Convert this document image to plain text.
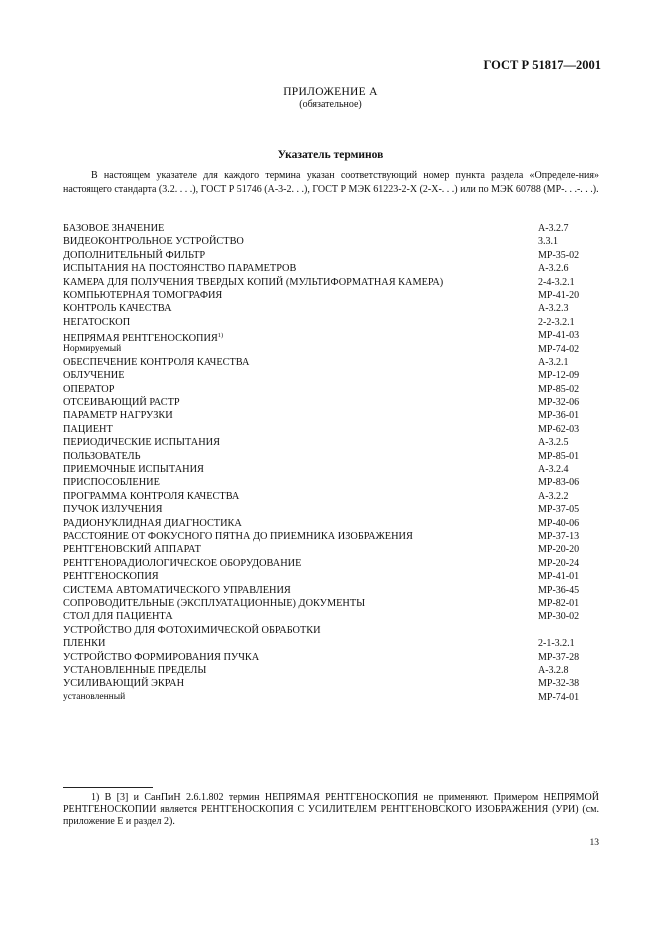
ГОСТ Р 51817—2001
ПРИЛОЖЕНИЕ А
(обязательное)
Указатель терминов
В настоящем указателе для каждого термина указан соответствующий номер пункта раздела «Определе-ния» настоящего стандарта (3.2. . . .), ГОСТ Р 51746 (А-3-2. . .), ГОСТ Р МЭК 61223-2-Х (2-Х-. . .) или по МЭК 60788 (МР-. . .-. . .).
БАЗОВОЕ ЗНАЧЕНИЕ	А-3.2.7
ВИДЕОКОНТРОЛЬНОЕ УСТРОЙСТВО	3.3.1
ДОПОЛНИТЕЛЬНЫЙ ФИЛЬТР	МР-35-02
ИСПЫТАНИЯ НА ПОСТОЯНСТВО ПАРАМЕТРОВ	А-3.2.6
КАМЕРА ДЛЯ ПОЛУЧЕНИЯ ТВЕРДЫХ КОПИЙ (МУЛЬТИФОРМАТНАЯ КАМЕРА)	2-4-3.2.1
КОМПЬЮТЕРНАЯ ТОМОГРАФИЯ	МР-41-20
КОНТРОЛЬ КАЧЕСТВА	А-3.2.3
НЕГАТОСКОП	2-2-3.2.1
НЕПРЯМАЯ РЕНТГЕНОСКОПИЯ$^{1)}$	МР-41-03
Нормируемый	МР-74-02
ОБЕСПЕЧЕНИЕ КОНТРОЛЯ КАЧЕСТВА	А-3.2.1
ОБЛУЧЕНИЕ	МР-12-09
ОПЕРАТОР	МР-85-02
ОТСЕИВАЮЩИЙ РАСТР	МР-32-06
ПАРАМЕТР НАГРУЗКИ	МР-36-01
ПАЦИЕНТ	МР-62-03
ПЕРИОДИЧЕСКИЕ ИСПЫТАНИЯ	А-3.2.5
ПОЛЬЗОВАТЕЛЬ	МР-85-01
ПРИЕМОЧНЫЕ ИСПЫТАНИЯ	А-3.2.4
ПРИСПОСОБЛЕНИЕ	МР-83-06
ПРОГРАММА КОНТРОЛЯ КАЧЕСТВА	А-3.2.2
ПУЧОК ИЗЛУЧЕНИЯ	МР-37-05
РАДИОНУКЛИДНАЯ ДИАГНОСТИКА	МР-40-06
РАССТОЯНИЕ ОТ ФОКУСНОГО ПЯТНА ДО ПРИЕМНИКА ИЗОБРАЖЕНИЯ	МР-37-13
РЕНТГЕНОВСКИЙ АППАРАТ	МР-20-20
РЕНТГЕНОРАДИОЛОГИЧЕСКОЕ ОБОРУДОВАНИЕ	МР-20-24
РЕНТГЕНОСКОПИЯ	МР-41-01
СИСТЕМА АВТОМАТИЧЕСКОГО УПРАВЛЕНИЯ	МР-36-45
СОПРОВОДИТЕЛЬНЫЕ (ЭКСПЛУАТАЦИОННЫЕ) ДОКУМЕНТЫ	МР-82-01
СТОЛ ДЛЯ ПАЦИЕНТА	МР-30-02
УСТРОЙСТВО ДЛЯ ФОТОХИМИЧЕСКОЙ ОБРАБОТКИ
ПЛЕНКИ	2-1-3.2.1
УСТРОЙСТВО ФОРМИРОВАНИЯ ПУЧКА	МР-37-28
УСТАНОВЛЕННЫЕ ПРЕДЕЛЫ	А-3.2.8
УСИЛИВАЮЩИЙ ЭКРАН	МР-32-38
установленный	МР-74-01
1) В [3] и СанПиН 2.6.1.802 термин НЕПРЯМАЯ РЕНТГЕНОСКОПИЯ не применяют. Примером НЕПРЯМОЙ РЕНТГЕНОСКОПИИ является РЕНТГЕНОСКОПИЯ С УСИЛИТЕЛЕМ РЕНТГЕНОВСКОГО ИЗОБРАЖЕНИЯ (УРИ) (см. приложение Е и раздел 2).
13
